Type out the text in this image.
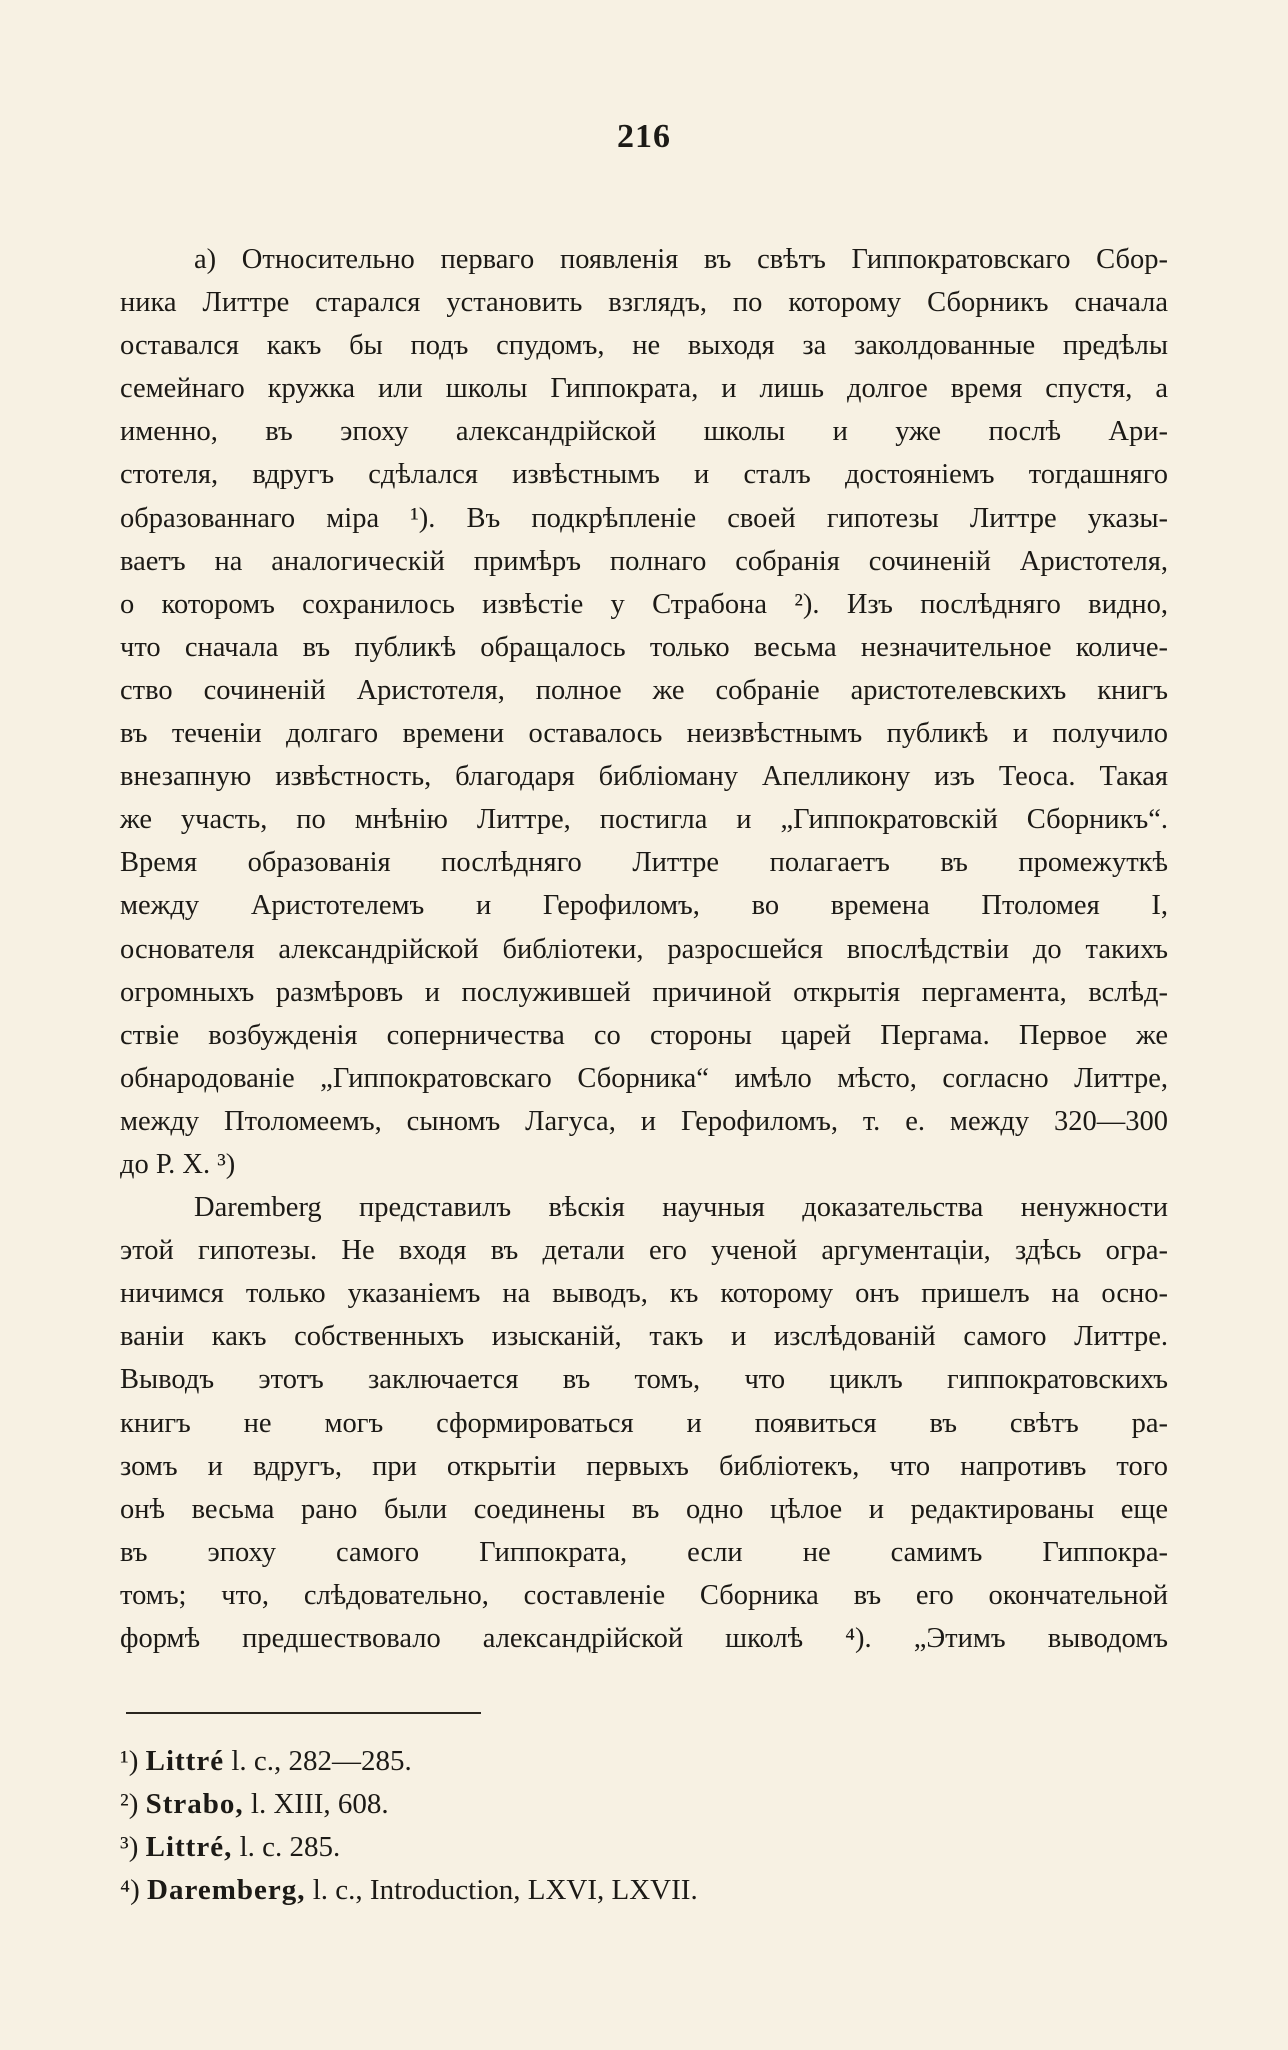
216
а) Относительно первагo появленія въ свѣтъ Гиппократовскаго Сбор-
ника Литтре старался установить взглядъ, по которому Сборникъ сначала
оставался какъ бы подъ спудомъ, не выходя за заколдованные предѣлы
семейнаго кружка или школы Гиппократа, и лишь долгое время спустя, а
именно, въ эпоху александрійской школы и уже послѣ Ари-
стотеля, вдругъ сдѣлался извѣстнымъ и сталъ достояніемъ тогдашняго
образованнаго міра ¹). Въ подкрѣпленіе своей гипотезы Литтре указы-
ваетъ на аналогическій примѣръ полнаго собранія сочиненій Аристотеля,
о которомъ сохранилось извѣстіе у Страбона ²). Изъ послѣдняго видно,
что сначала въ публикѣ обращалось только весьма незначительное количе-
ство сочиненій Аристотеля, полное же собраніе аристотелевскихъ книгъ
въ теченіи долгаго времени оставалось неизвѣстнымъ публикѣ и получило
внезапную извѣстность, благодаря библіоману Апелликону изъ Теоса. Такая
же участь, по мнѣнію Литтре, постигла и „Гиппократовскій Сборникъ“.
Время образованія послѣдняго Литтре полагаетъ въ промежуткѣ
между Аристотелемъ и Герофиломъ, во времена Птоломея I,
основателя александрійской библіотеки, разросшейся впослѣдствіи до такихъ
огромныхъ размѣровъ и послужившей причиной открытія пергамента, вслѣд-
ствіе возбужденія соперничества со стороны царей Пергама. Первое же
обнародованіе „Гиппократовскаго Сборника“ имѣло мѣсто, согласно Литтре,
между Птоломеемъ, сыномъ Лагуса, и Герофиломъ, т. е. между 320—300
до Р. Х. ³)
Daremberg представилъ вѣскія научныя доказательства ненужности
этой гипотезы. Не входя въ детали его ученой аргументаціи, здѣсь огра-
ничимся только указаніемъ на выводъ, къ которому онъ пришелъ на осно-
ваніи какъ собственныхъ изысканій, такъ и изслѣдованій самого Литтре.
Выводъ этотъ заключается въ томъ, что циклъ гиппократовскихъ
книгъ не могъ сформироваться и появиться въ свѣтъ ра-
зомъ и вдругъ, при открытіи первыхъ библіотекъ, что напротивъ того
онѣ весьма рано были соединены въ одно цѣлое и редактированы еще
въ эпоху самого Гиппократа, если не самимъ Гиппокра-
томъ; что, слѣдовательно, составленіе Сборника въ его окончательной
формѣ предшествовало александрійской школѣ ⁴). „Этимъ выводомъ
¹) Littré l. c., 282—285.
²) Strabo, l. XIII, 608.
³) Littré, l. c. 285.
⁴) Daremberg, l. c., Introduction, LXVI, LXVII.
